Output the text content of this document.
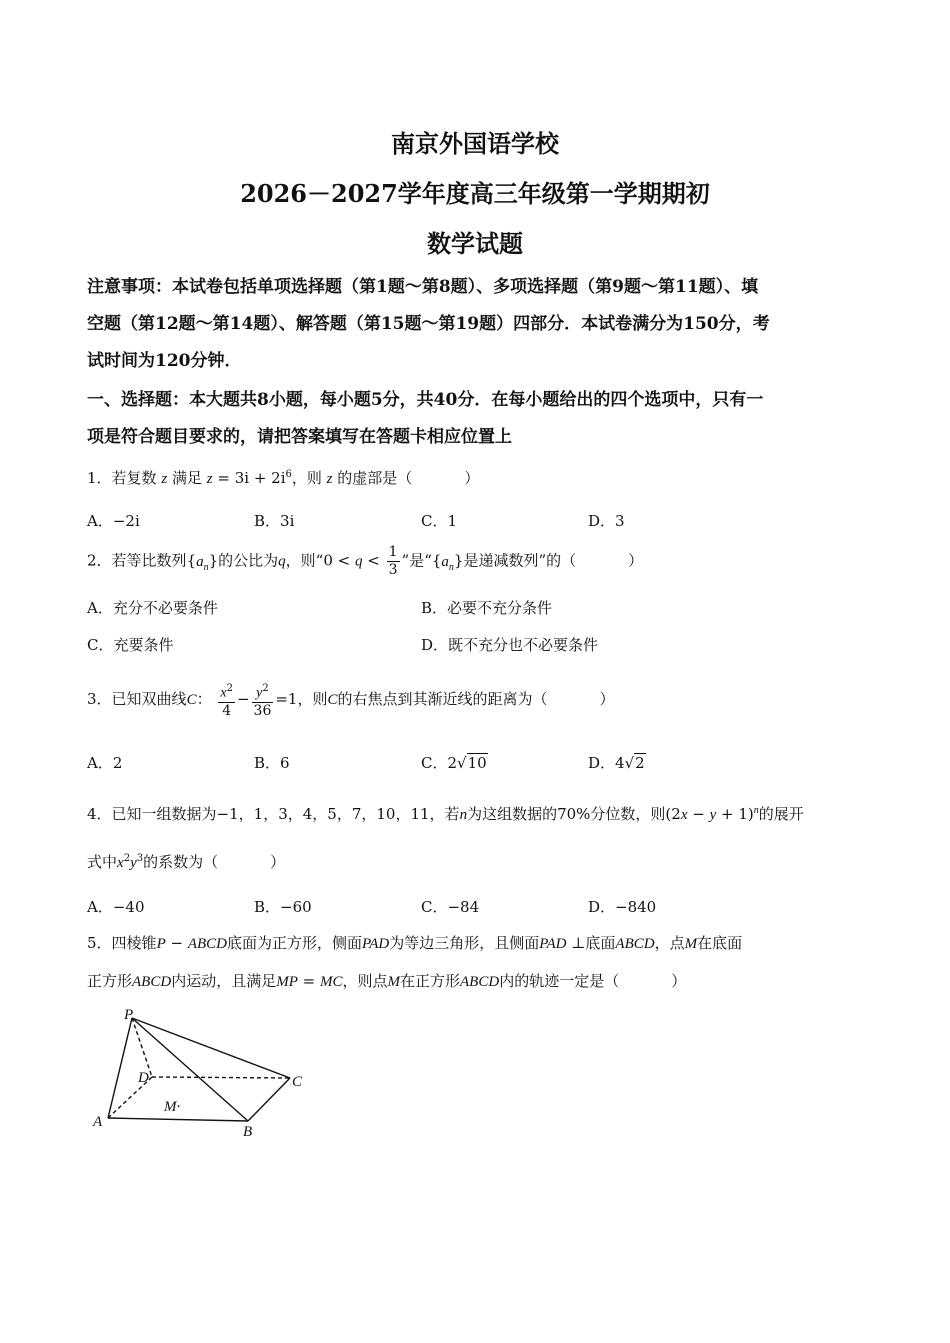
南京外国语学校
2026－2027学年度高三年级第一学期期初
数学试题
注意事项：本试卷包括单项选择题（第1题～第8题）、多项选择题（第9题～第11题）、填
空题（第12题～第14题）、解答题（第15题～第19题）四部分．本试卷满分为150分，考
试时间为120分钟．
一、选择题：本大题共8小题，每小题5分，共40分．在每小题给出的四个选项中，只有一
项是符合题目要求的，请把答案填写在答题卡相应位置上
1．若复数 z 满足 $z = 3i + 2i^6$，则 z 的虚部是（	）
A．−2i	B．3i	C．1	D．3
2．若等比数列$\{a_n\}$的公比为q，则“$0 < q < \frac{1}{3}$ ”是“$\{a_n\}$是递减数列”的（	）
A．充分不必要条件	B．必要不充分条件
C．充要条件	D．既不充分也不必要条件
3．已知双曲线C： $\frac{x^2}{4} - \frac{y^2}{36} =1$，则C的右焦点到其渐近线的距离为（	）
A．2	B．6	C．2√10	D．4√2
4．已知一组数据为−1，1，3，4，5，7，10，11，若n为这组数据的70%分位数，则$(2x - y + 1)^n$的展开
式中$x^2y^3$的系数为（	）
A．−40	B．−60	C．−84	D．−840
5．四棱锥P − ABCD底面为正方形，侧面PAD为等边三角形，且侧面PAD ⊥底面ABCD，点M在底面
正方形ABCD内运动，且满足MP = MC，则点M在正方形ABCD内的轨迹一定是（	）
P
D	C
M·
A
B
